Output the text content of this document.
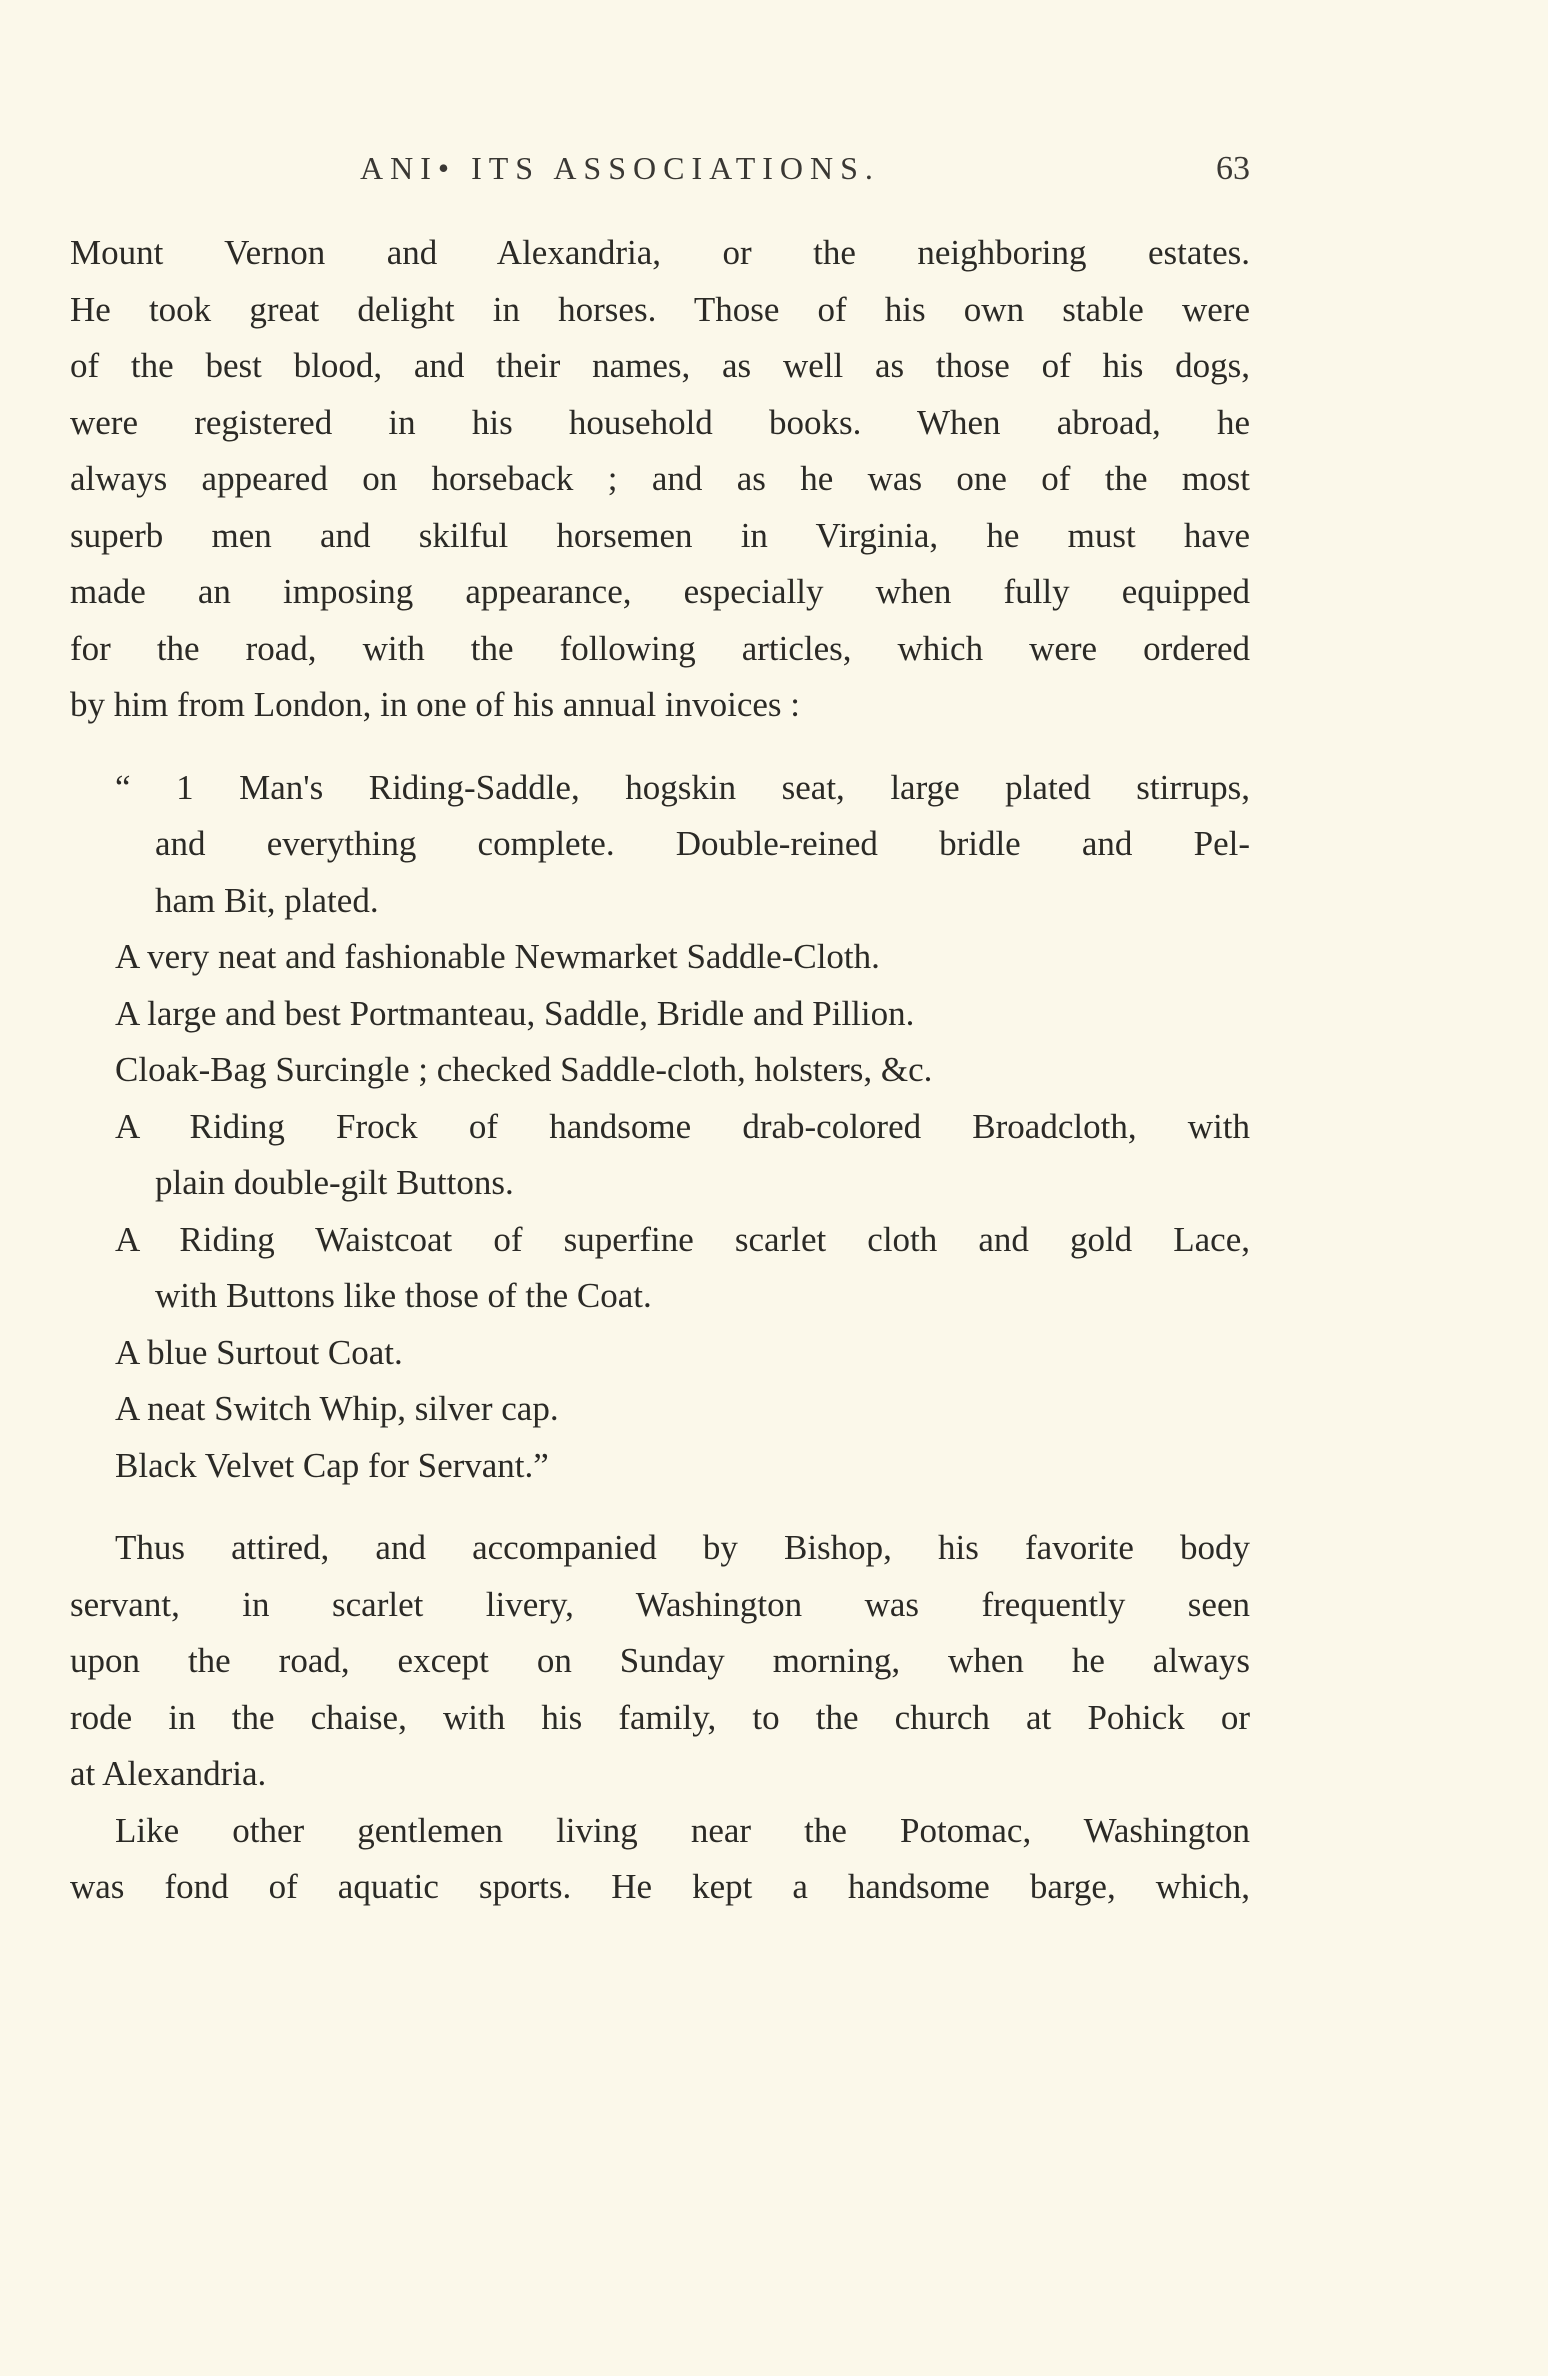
ANI• ITS ASSOCIATIONS.	63
Mount Vernon and Alexandria, or the neighboring estates.
He took great delight in horses. Those of his own stable were
of the best blood, and their names, as well as those of his dogs,
were registered in his household books. When abroad, he
always appeared on horseback ; and as he was one of the most
superb men and skilful horsemen in Virginia, he must have
made an imposing appearance, especially when fully equipped
for the road, with the following articles, which were ordered
by him from London, in one of his annual invoices :
“ 1 Man's Riding-Saddle, hogskin seat, large plated stirrups,
and everything complete. Double-reined bridle and Pel-
ham Bit, plated.
A very neat and fashionable Newmarket Saddle-Cloth.
A large and best Portmanteau, Saddle, Bridle and Pillion.
Cloak-Bag Surcingle ; checked Saddle-cloth, holsters, &c.
A Riding Frock of handsome drab-colored Broadcloth, with
plain double-gilt Buttons.
A Riding Waistcoat of superfine scarlet cloth and gold Lace,
with Buttons like those of the Coat.
A blue Surtout Coat.
A neat Switch Whip, silver cap.
Black Velvet Cap for Servant.”
Thus attired, and accompanied by Bishop, his favorite body
servant, in scarlet livery, Washington was frequently seen
upon the road, except on Sunday morning, when he always
rode in the chaise, with his family, to the church at Pohick or
at Alexandria.
Like other gentlemen living near the Potomac, Washington
was fond of aquatic sports. He kept a handsome barge, which,
